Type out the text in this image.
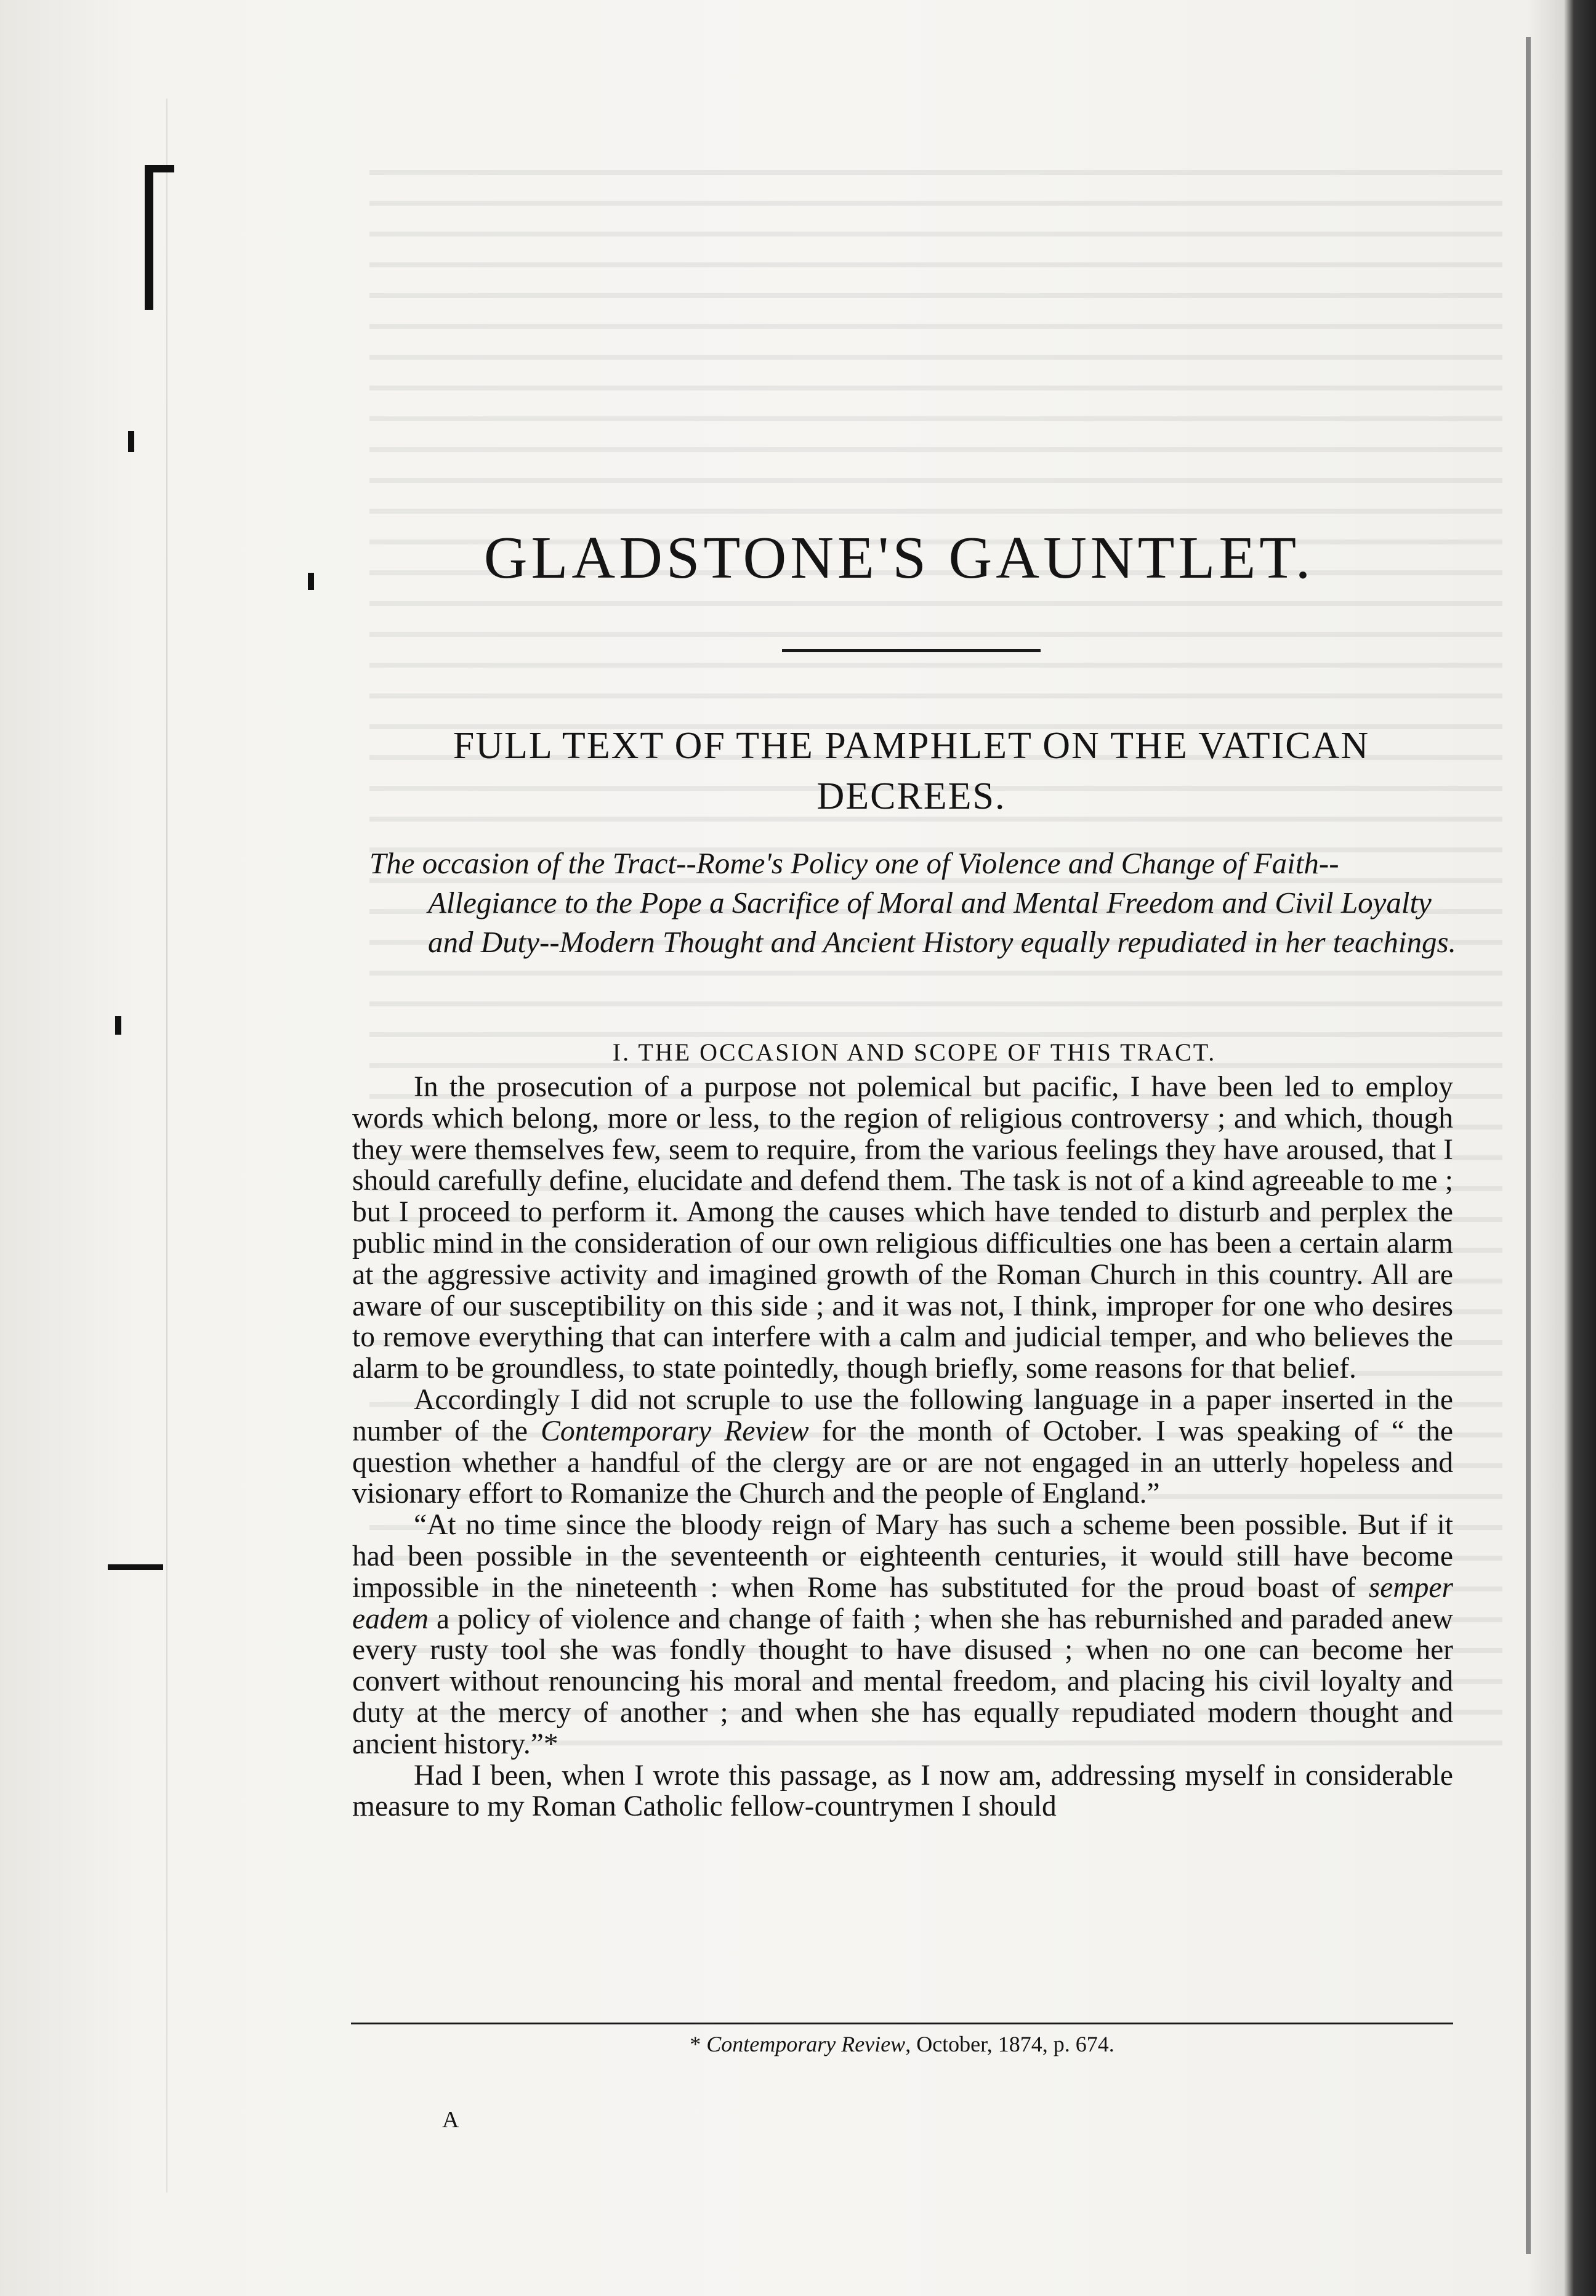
GLADSTONE'S GAUNTLET.
FULL TEXT OF THE PAMPHLET ON THE VATICAN DECREES.

The occasion of the Tract--Rome's Policy one of Violence and Change of Faith--Allegiance to the Pope a Sacrifice of Moral and Mental Freedom and Civil Loyalty and Duty--Modern Thought and Ancient History equally repudiated in her teachings.

I. THE OCCASION AND SCOPE OF THIS TRACT.

In the prosecution of a purpose not polemical but pacific, I have been led to employ words which belong, more or less, to the region of religious controversy ; and which, though they were themselves few, seem to require, from the various feelings they have aroused, that I should carefully define, elucidate and defend them. The task is not of a kind agreeable to me ; but I proceed to perform it. Among the causes which have tended to disturb and perplex the public mind in the consideration of our own religious difficulties one has been a certain alarm at the aggressive activity and imagined growth of the Roman Church in this country. All are aware of our susceptibility on this side ; and it was not, I think, improper for one who desires to remove everything that can interfere with a calm and judicial temper, and who believes the alarm to be groundless, to state pointedly, though briefly, some reasons for that belief.

Accordingly I did not scruple to use the following language in a paper inserted in the number of the Contemporary Review for the month of October. I was speaking of “ the question whether a handful of the clergy are or are not engaged in an utterly hopeless and visionary effort to Romanize the Church and the people of England.”

“At no time since the bloody reign of Mary has such a scheme been possible. But if it had been possible in the seventeenth or eighteenth centuries, it would still have become impossible in the nineteenth : when Rome has substituted for the proud boast of semper eadem a policy of violence and change of faith ; when she has reburnished and paraded anew every rusty tool she was fondly thought to have disused ; when no one can become her convert without renouncing his moral and mental freedom, and placing his civil loyalty and duty at the mercy of another ; and when she has equally repudiated modern thought and ancient history.”*

Had I been, when I wrote this passage, as I now am, addressing myself in considerable measure to my Roman Catholic fellow-countrymen I should

* Contemporary Review, October, 1874, p. 674.

A
